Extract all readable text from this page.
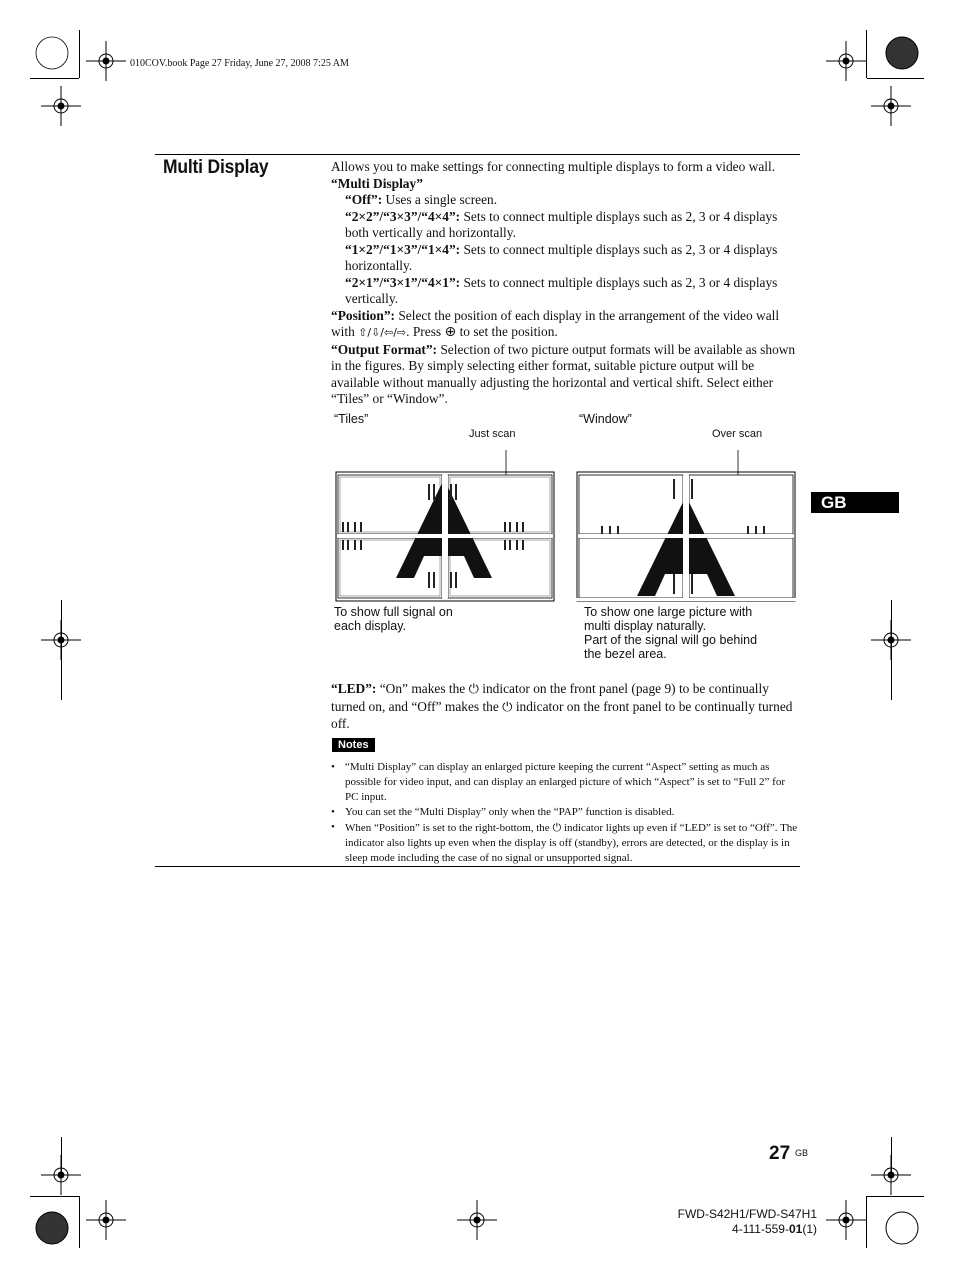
010COV.book Page 27 Friday, June 27, 2008 7:25 AM
Multi Display	Allows you to make settings for connecting multiple displays to form a video wall.
“Multi Display”
“Off”: Uses a single screen.
“2×2”/“3×3”/“4×4”: Sets to connect multiple displays such as 2, 3 or 4 displays both vertically and horizontally.
“1×2”/“1×3”/“1×4”: Sets to connect multiple displays such as 2, 3 or 4 displays horizontally.
“2×1”/“3×1”/“4×1”: Sets to connect multiple displays such as 2, 3 or 4 displays vertically.
“Position”: Select the position of each display in the arrangement of the video wall with ⇧/⇩/⇦/⇨. Press ⊕ to set the position.
“Output Format”: Selection of two picture output formats will be available as shown in the figures. By simply selecting either format, suitable picture output will be available without manually adjusting the horizontal and vertical shift. Select either “Tiles” or “Window”.
“Tiles”	“Window”
Just scan	Over scan
To show full signal on
each display.
To show one large picture with
multi display naturally.
Part of the signal will go behind
the bezel area.
“LED”: “On” makes the ⏻ indicator on the front panel (page 9) to be continually turned on, and “Off” makes the ⏻ indicator on the front panel to be continually turned off.
Notes
• “Multi Display” can display an enlarged picture keeping the current “Aspect” setting as much as possible for video input, and can display an enlarged picture of which “Aspect” is set to “Full 2” for PC input.
• You can set the “Multi Display” only when the “PAP” function is disabled.
• When “Position” is set to the right-bottom, the ⏻ indicator lights up even if “LED” is set to “Off”. The indicator also lights up even when the display is off (standby), errors are detected, or the display is in sleep mode including the case of no signal or unsupported signal.
GB
27 GB
FWD-S42H1/FWD-S47H1
4-111-559-01(1)
